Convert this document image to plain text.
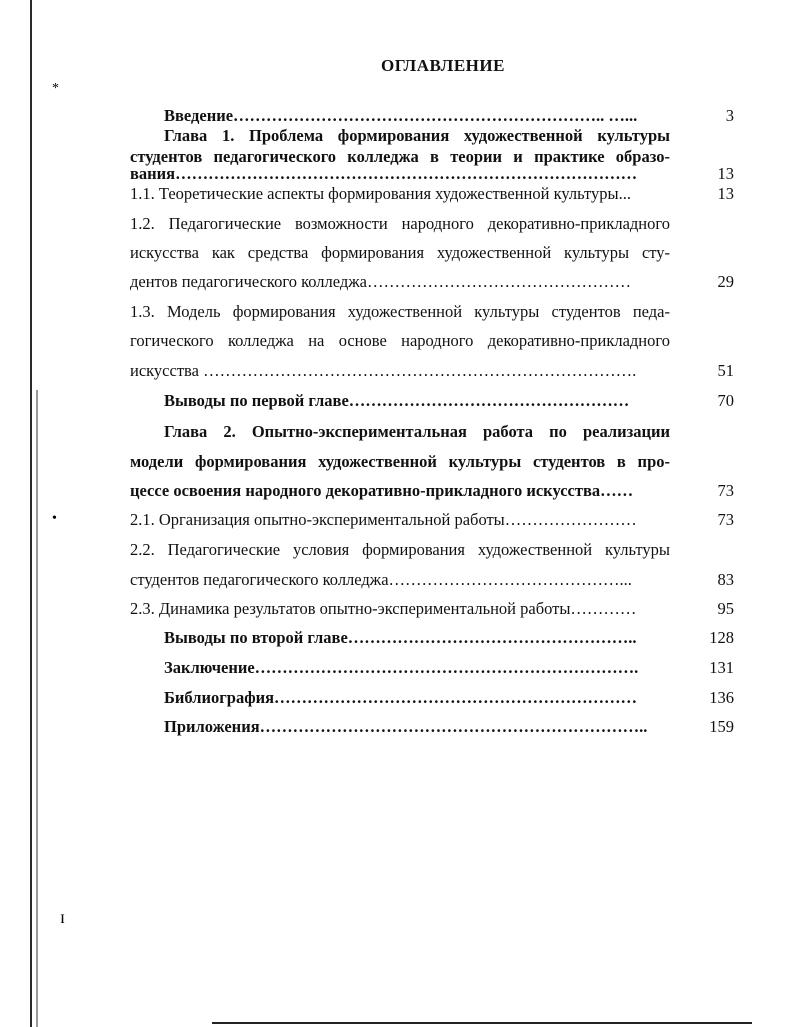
*
•
ɪ
ОГЛАВЛЕНИЕ
Введение………………………………………………………….. …...	3
Глава 1. Проблема формирования художественной культуры
студентов педагогического колледжа в теории и практике образо-
вания…………………………………………………………………………	13
1.1. Теоретические аспекты формирования художественной культуры...	13
1.2. Педагогические возможности народного декоративно-прикладного
искусства как средства формирования художественной культуры сту-
дентов педагогического колледжа…………………………………………	29
1.3. Модель формирования художественной культуры студентов педа-
гогического колледжа на основе народного декоративно-прикладного
искусства …………………………………………………………………….	51
Выводы по первой главе……………………………………………	70
Глава 2. Опытно-экспериментальная работа по реализации
модели формирования художественной культуры студентов в про-
цессе освоения народного декоративно-прикладного искусства……	73
2.1. Организация опытно-экспериментальной работы……………………	73
2.2. Педагогические условия формирования художественной культуры
студентов педагогического колледжа……………………………………...	83
2.3. Динамика результатов опытно-экспериментальной работы…………	95
Выводы по второй главе……………………………………………..	128
Заключение…………………………………………………………….	131
Библиография…………………………………………………………	136
Приложения……………………………………………………………..	159
